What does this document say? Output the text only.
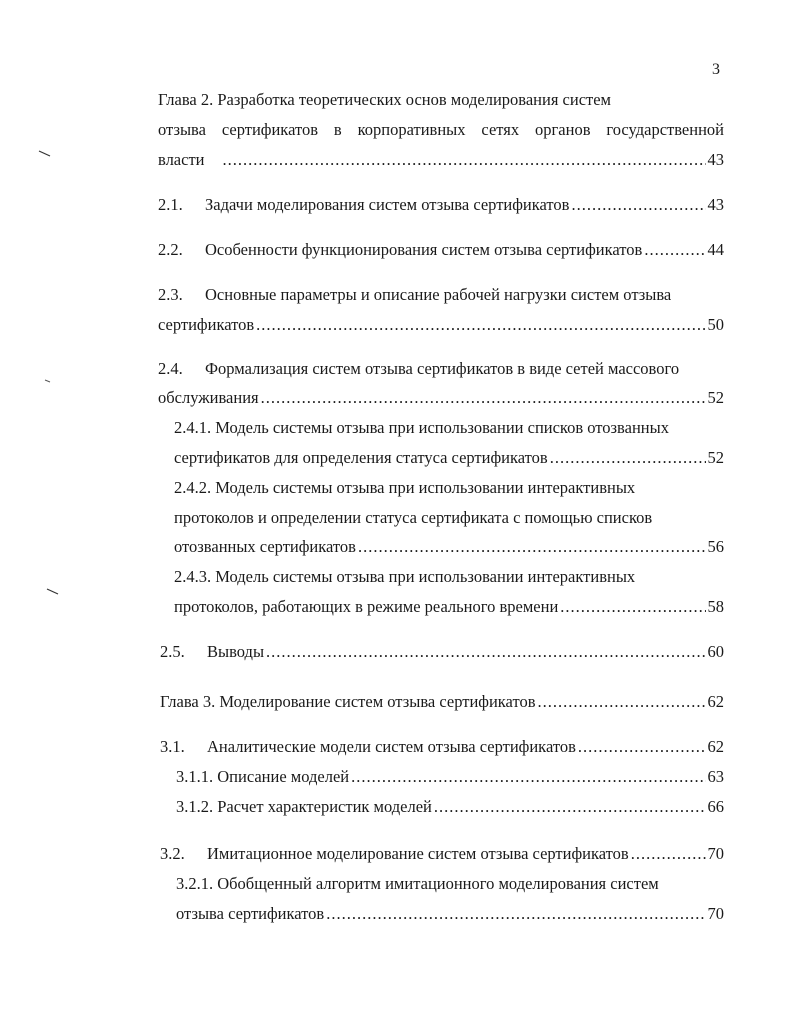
3
Глава 2. Разработка теоретических основ моделирования систем
отзыва сертификатов в корпоративных сетях органов государственной
власти .....	43
2.1.	Задачи моделирования систем отзыва сертификатов .....	43
2.2.	Особенности функционирования систем отзыва сертификатов .....	44
2.3. Основные параметры и описание рабочей нагрузки систем отзыва
сертификатов .....	50
2.4. Формализация систем отзыва сертификатов в виде сетей массового
обслуживания .....	52
2.4.1. Модель системы отзыва при использовании списков отозванных
сертификатов для определения статуса сертификатов .....	52
2.4.2. Модель системы отзыва при использовании интерактивных
протоколов и определении статуса сертификата с помощью списков
отозванных сертификатов .....	56
2.4.3. Модель системы отзыва при использовании интерактивных
протоколов, работающих в режиме реального времени .....	58
2.5.	Выводы .....	60
Глава 3. Моделирование систем отзыва сертификатов .....	62
3.1.	Аналитические модели систем отзыва сертификатов .....	62
3.1.1. Описание моделей .....	63
3.1.2. Расчет характеристик моделей .....	66
3.2.	Имитационное моделирование систем отзыва сертификатов .....	70
3.2.1. Обобщенный алгоритм имитационного моделирования систем
отзыва сертификатов .....	70
